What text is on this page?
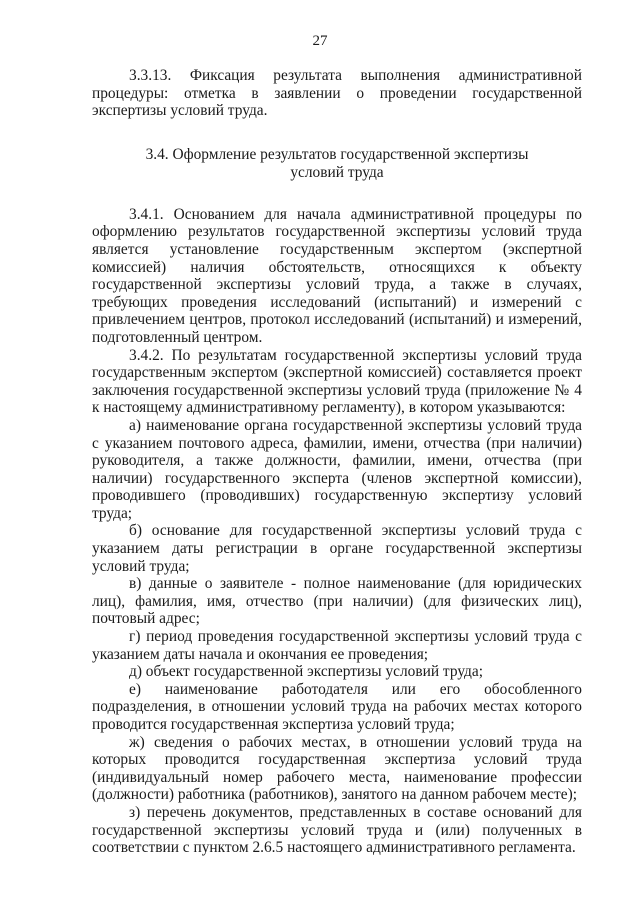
27

3.3.13. Фиксация результата выполнения административной процедуры: отметка в заявлении о проведении государственной экспертизы условий труда.

3.4. Оформление результатов государственной экспертизы
условий труда

3.4.1. Основанием для начала административной процедуры по оформлению результатов государственной экспертизы условий труда является установление государственным экспертом (экспертной комиссией) наличия обстоятельств, относящихся к объекту государственной экспертизы условий труда, а также в случаях, требующих проведения исследований (испытаний) и измерений с привлечением центров, протокол исследований (испытаний) и измерений, подготовленный центром.

3.4.2. По результатам государственной экспертизы условий труда государственным экспертом (экспертной комиссией) составляется проект заключения государственной экспертизы условий труда (приложение № 4 к настоящему административному регламенту), в котором указываются:

а) наименование органа государственной экспертизы условий труда с указанием почтового адреса, фамилии, имени, отчества (при наличии) руководителя, а также должности, фамилии, имени, отчества (при наличии) государственного эксперта (членов экспертной комиссии), проводившего (проводивших) государственную экспертизу условий труда;

б) основание для государственной экспертизы условий труда с указанием даты регистрации в органе государственной экспертизы условий труда;

в) данные о заявителе - полное наименование (для юридических лиц), фамилия, имя, отчество (при наличии) (для физических лиц), почтовый адрес;

г) период проведения государственной экспертизы условий труда с указанием даты начала и окончания ее проведения;

д) объект государственной экспертизы условий труда;

е) наименование работодателя или его обособленного подразделения, в отношении условий труда на рабочих местах которого проводится государственная экспертиза условий труда;

ж) сведения о рабочих местах, в отношении условий труда на которых проводится государственная экспертиза условий труда (индивидуальный номер рабочего места, наименование профессии (должности) работника (работников), занятого на данном рабочем месте);

з) перечень документов, представленных в составе оснований для государственной экспертизы условий труда и (или) полученных в соответствии с пунктом 2.6.5 настоящего административного регламента.
